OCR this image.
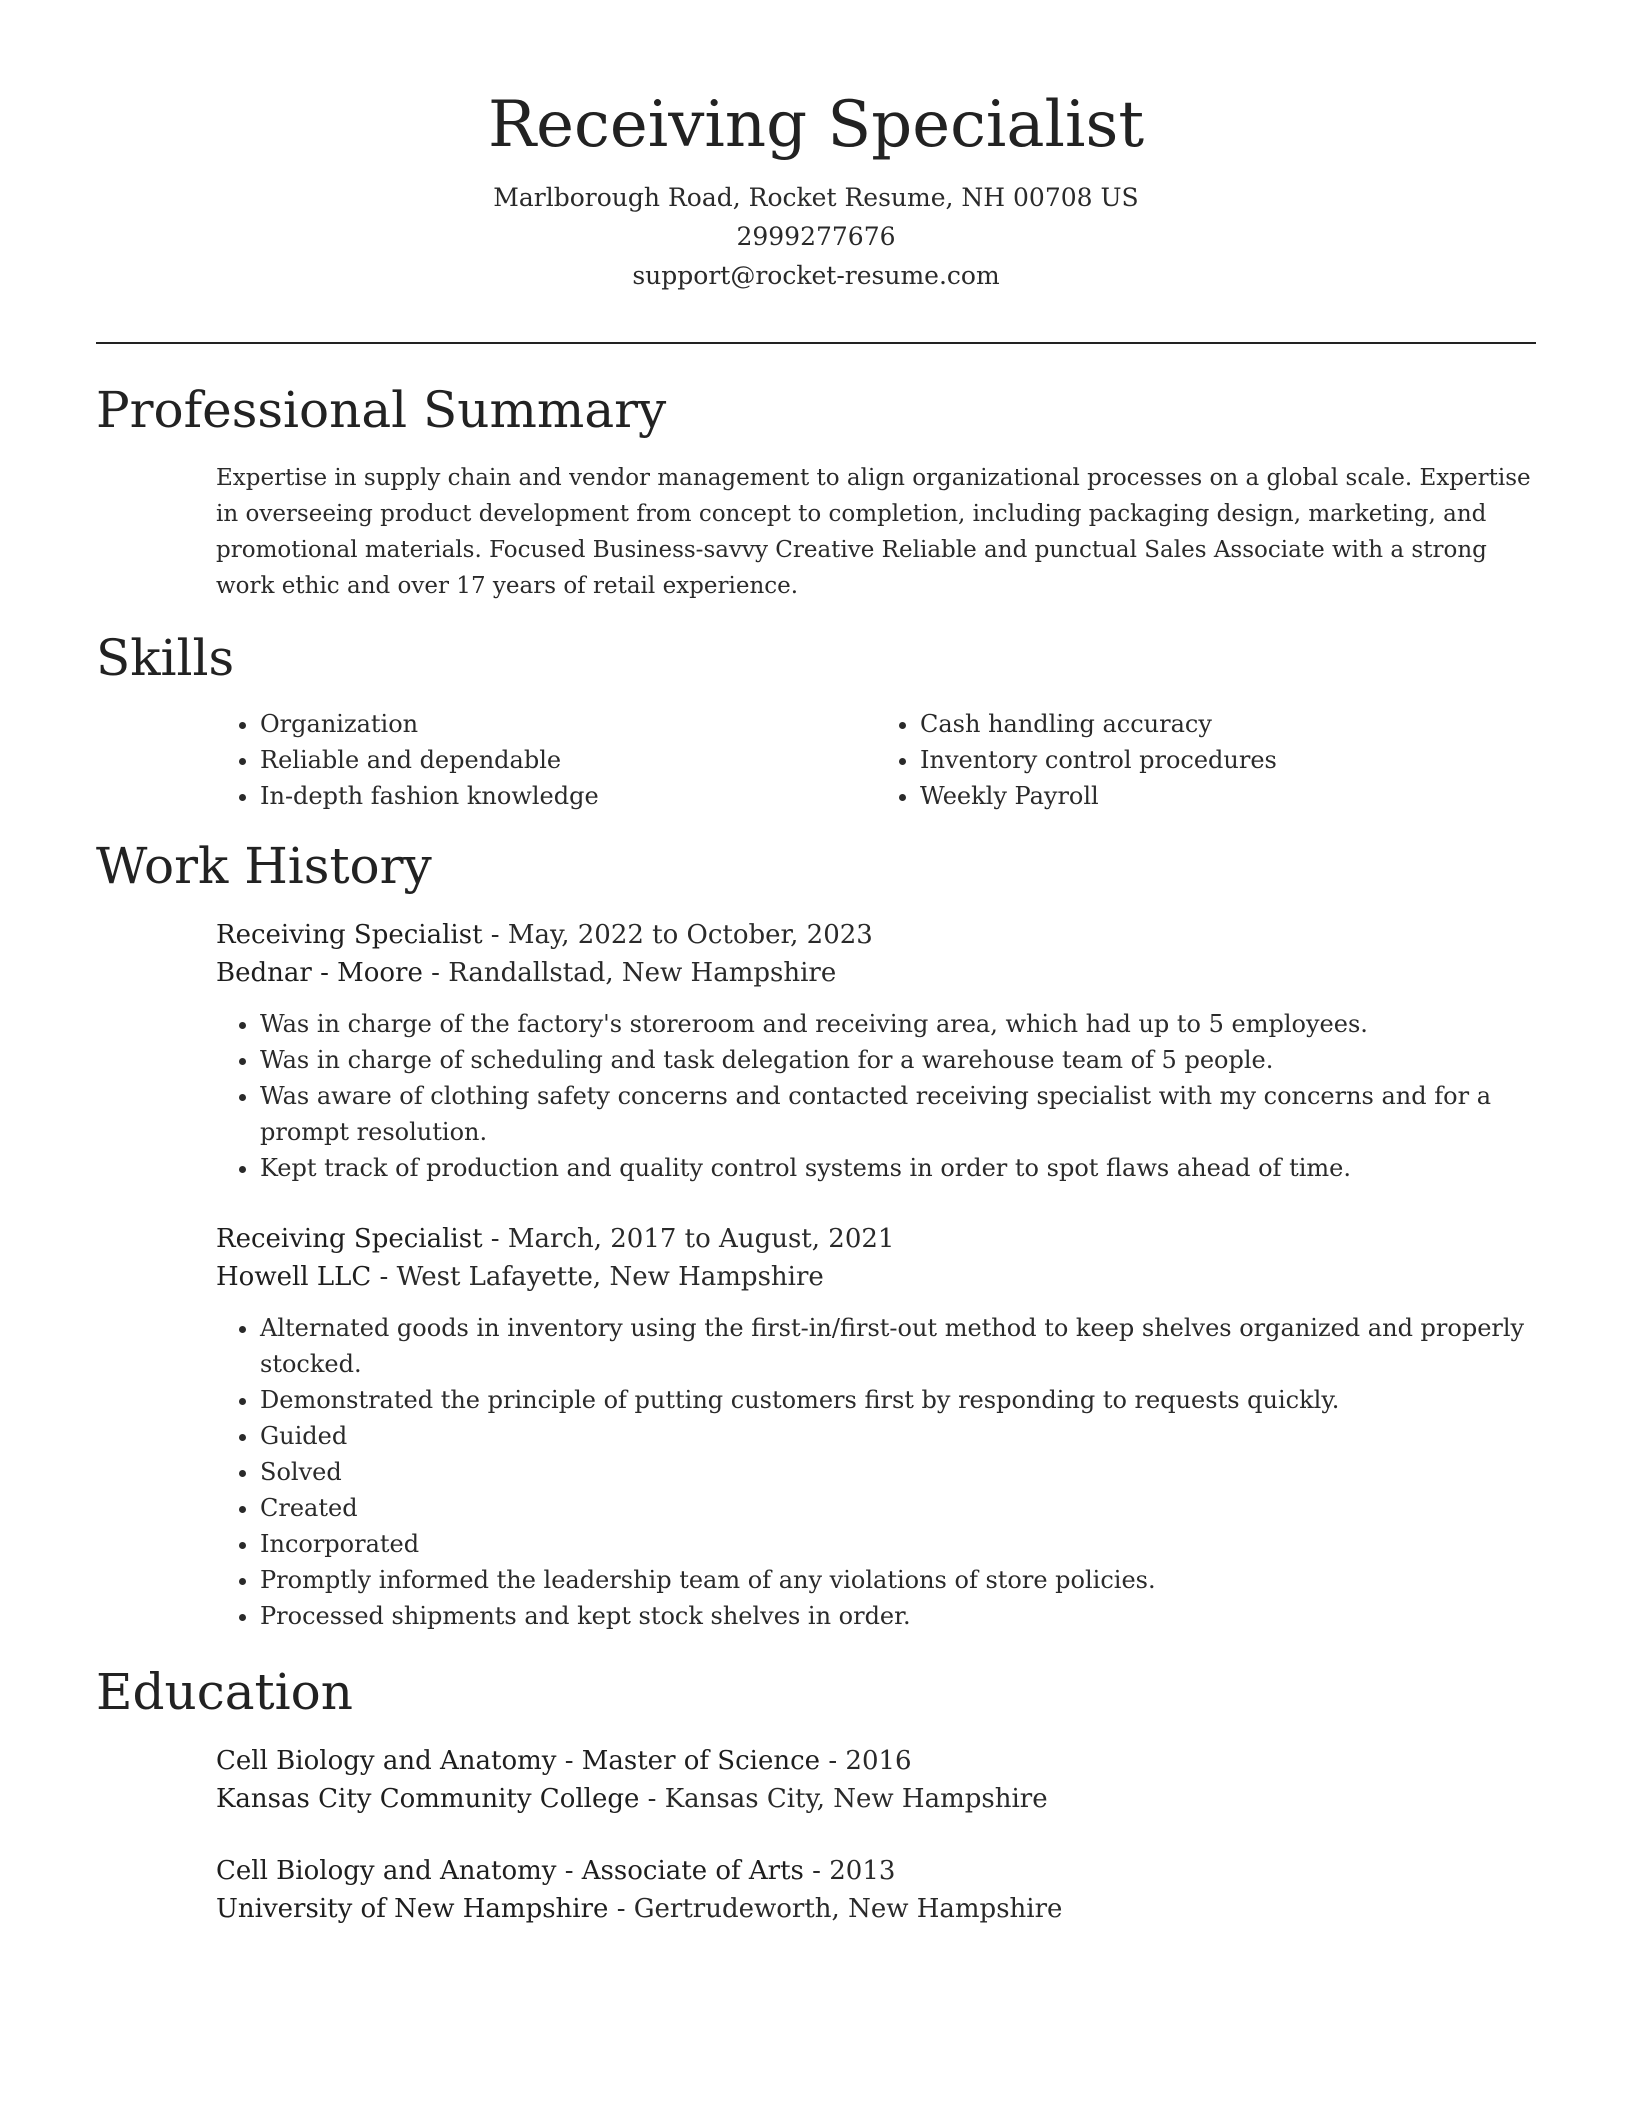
Receiving Specialist
Marlborough Road, Rocket Resume, NH 00708 US
2999277676
support@rocket-resume.com
Professional Summary
Expertise in supply chain and vendor management to align organizational processes on a global scale. Expertise in overseeing product development from concept to completion, including packaging design, marketing, and promotional materials. Focused Business-savvy Creative Reliable and punctual Sales Associate with a strong work ethic and over 17 years of retail experience.
Skills
• Organization
• Reliable and dependable
• In-depth fashion knowledge
• Cash handling accuracy
• Inventory control procedures
• Weekly Payroll
Work History
Receiving Specialist - May, 2022 to October, 2023
Bednar - Moore - Randallstad, New Hampshire
• Was in charge of the factory's storeroom and receiving area, which had up to 5 employees.
• Was in charge of scheduling and task delegation for a warehouse team of 5 people.
• Was aware of clothing safety concerns and contacted receiving specialist with my concerns and for a prompt resolution.
• Kept track of production and quality control systems in order to spot flaws ahead of time.
Receiving Specialist - March, 2017 to August, 2021
Howell LLC - West Lafayette, New Hampshire
• Alternated goods in inventory using the first-in/first-out method to keep shelves organized and properly stocked.
• Demonstrated the principle of putting customers first by responding to requests quickly.
• Guided
• Solved
• Created
• Incorporated
• Promptly informed the leadership team of any violations of store policies.
• Processed shipments and kept stock shelves in order.
Education
Cell Biology and Anatomy - Master of Science - 2016
Kansas City Community College - Kansas City, New Hampshire
Cell Biology and Anatomy - Associate of Arts - 2013
University of New Hampshire - Gertrudeworth, New Hampshire
